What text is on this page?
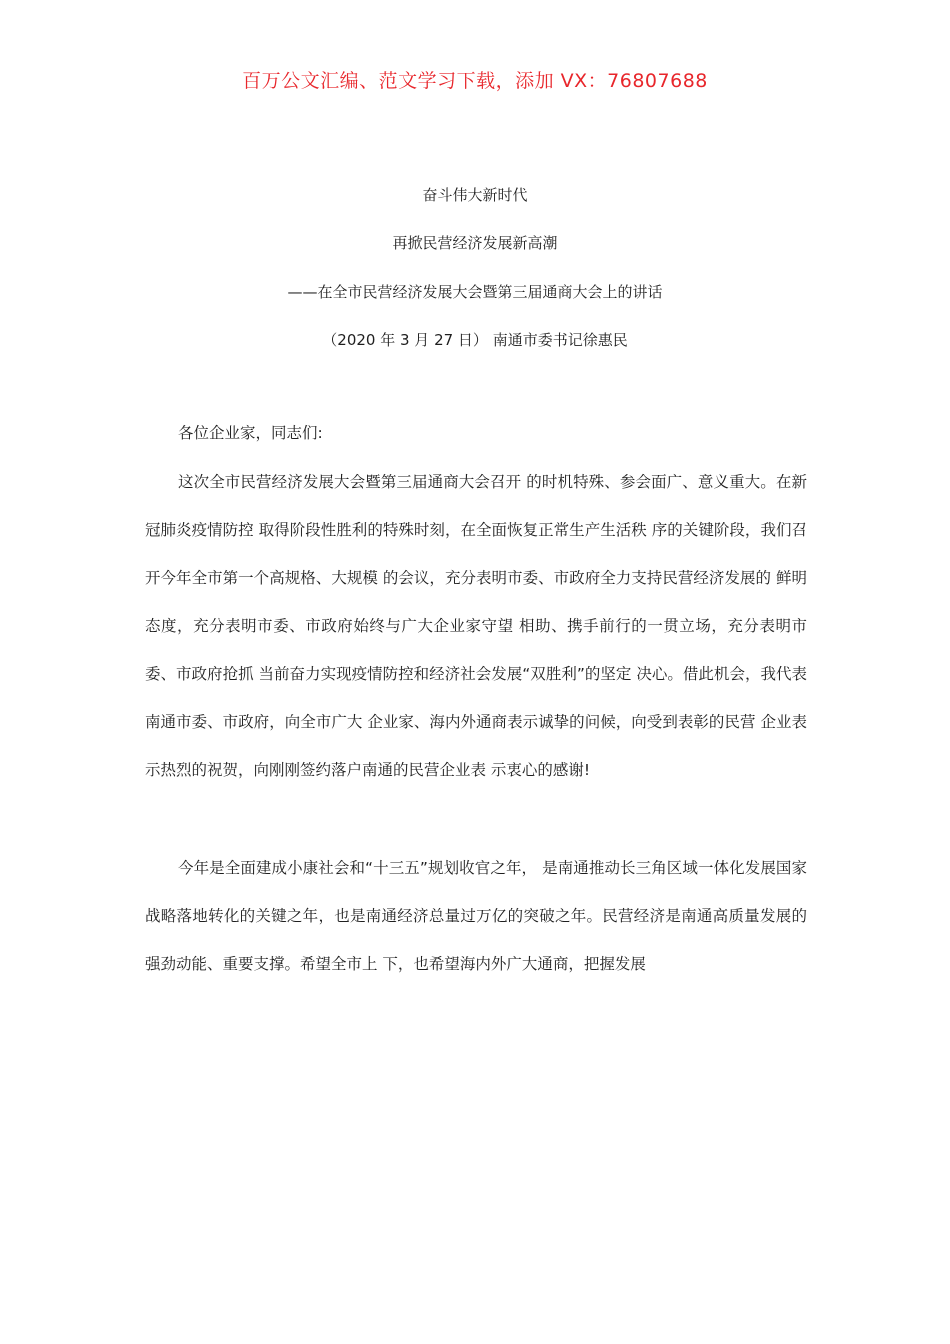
百万公文汇编、范文学习下载，添加 VX：76807688
奋斗伟大新时代
再掀民营经济发展新高潮
——在全市民营经济发展大会暨第三届通商大会上的讲话
（2020 年 3 月 27 日） 南通市委书记徐惠民
各位企业家，同志们:

这次全市民营经济发展大会暨第三届通商大会召开 的时机特殊、参会面广、意义重大。在新冠肺炎疫情防控 取得阶段性胜利的特殊时刻，在全面恢复正常生产生活秩 序的关键阶段，我们召开今年全市第一个高规格、大规模 的会议，充分表明市委、市政府全力支持民营经济发展的 鲜明态度，充分表明市委、市政府始终与广大企业家守望 相助、携手前行的一贯立场，充分表明市委、市政府抢抓 当前奋力实现疫情防控和经济社会发展“双胜利”的坚定 决心。借此机会，我代表南通市委、市政府，向全市广大 企业家、海内外通商表示诚挚的问候，向受到表彰的民营 企业表示热烈的祝贺，向刚刚签约落户南通的民营企业表 示衷心的感谢!

今年是全面建成小康社会和“十三五”规划收官之年， 是南通推动长三角区域一体化发展国家战略落地转化的关键之年，也是南通经济总量过万亿的突破之年。民营经济是南通高质量发展的强劲动能、重要支撑。希望全市上 下，也希望海内外广大通商，把握发展
